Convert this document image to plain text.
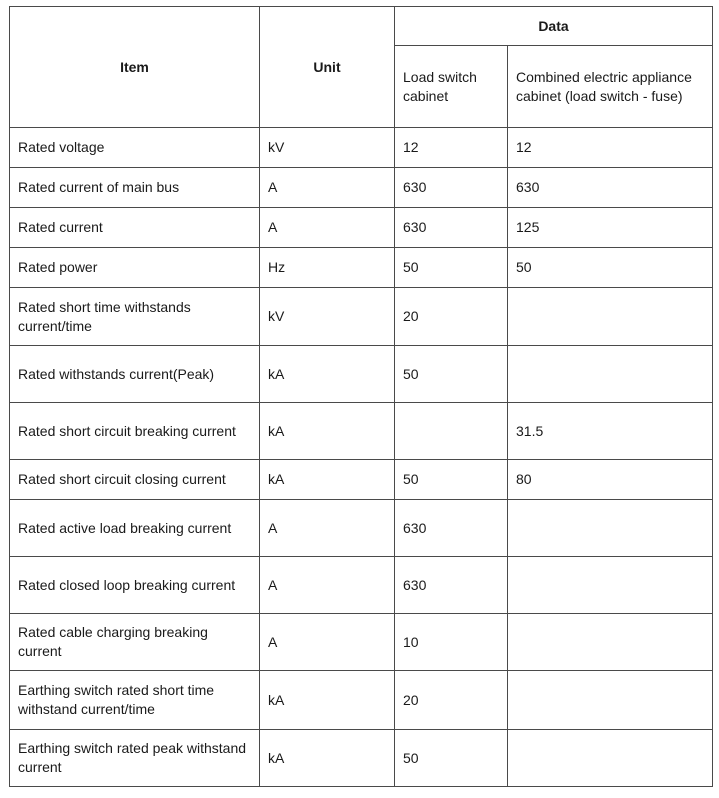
Item	Unit	Data	
		Load switch cabinet	Combined electric appliance cabinet (load switch - fuse)
Rated voltage	kV	12	12
Rated current of main bus	A	630	630
Rated current	A	630	125
Rated power	Hz	50	50
Rated short time withstands current/time	kV	20	
Rated withstands current(Peak)	kA	50	
Rated short circuit breaking current	kA		31.5
Rated short circuit closing current	kA	50	80
Rated active load breaking current	A	630	
Rated closed loop breaking current	A	630	
Rated cable charging breaking current	A	10	
Earthing switch rated short time withstand current/time	kA	20	
Earthing switch rated peak withstand current	kA	50	
